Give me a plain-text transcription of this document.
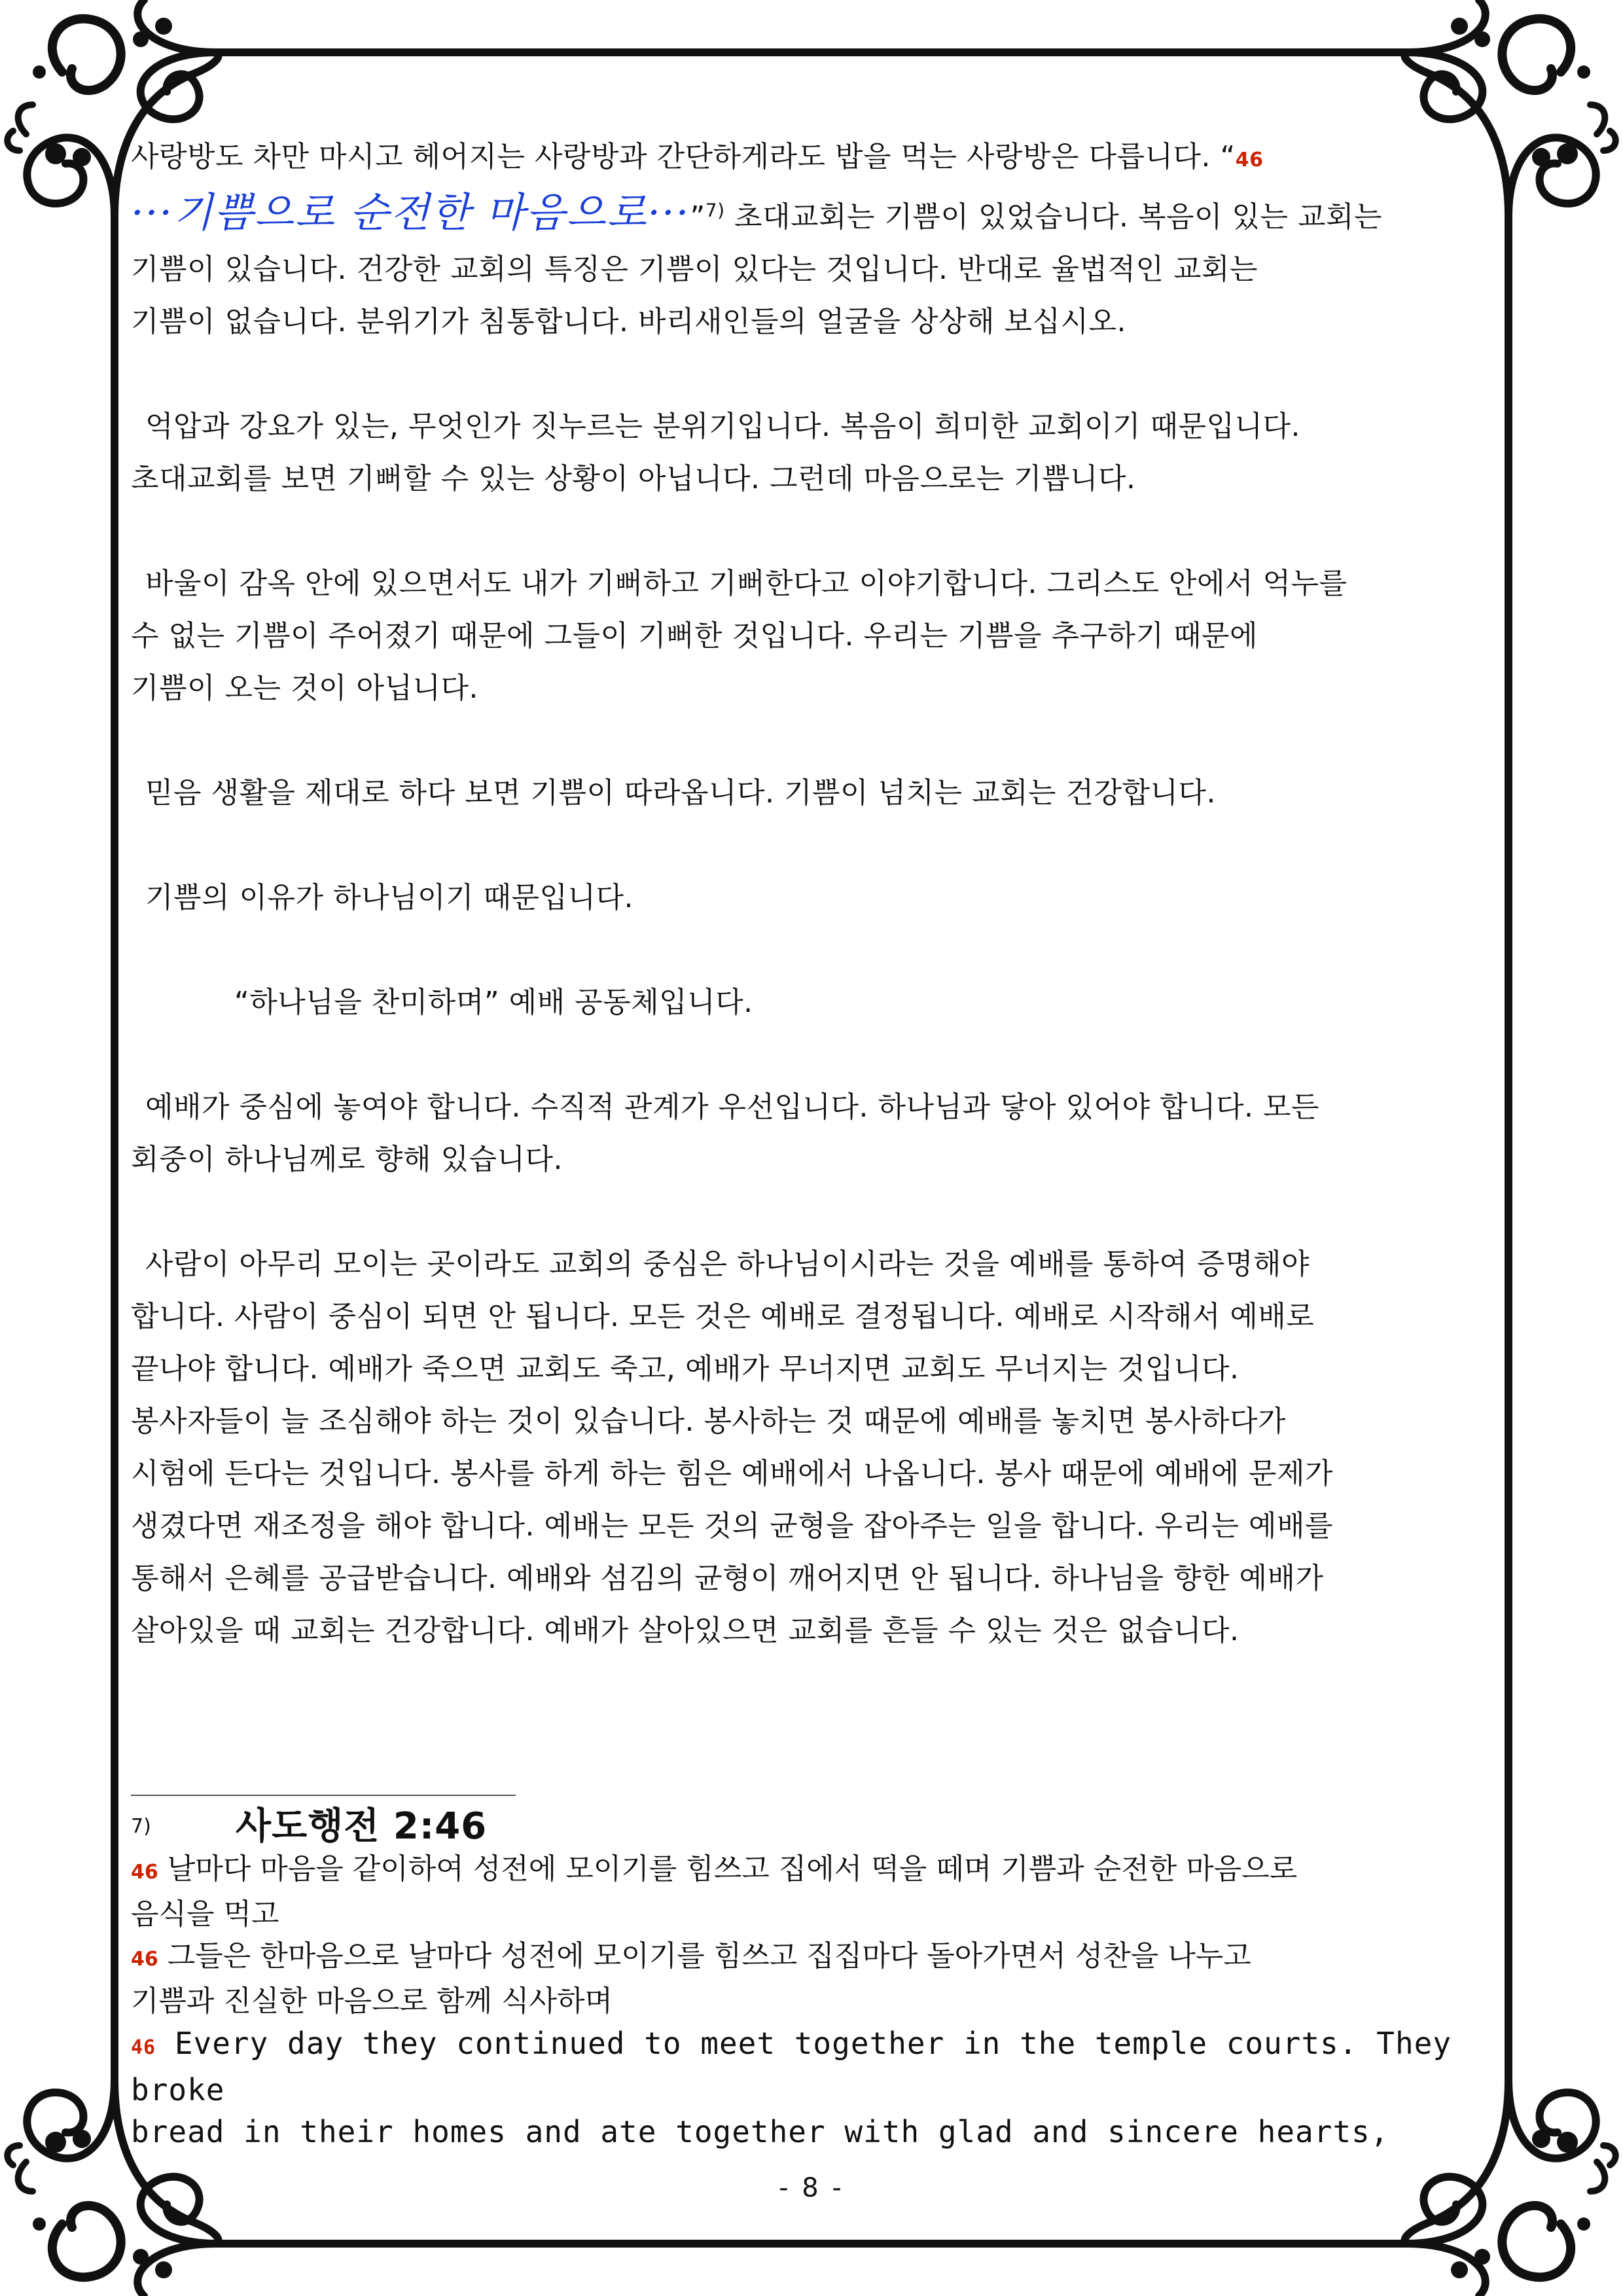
사랑방도 차만 마시고 헤어지는 사랑방과 간단하게라도 밥을 먹는 사랑방은 다릅니다. “46
···기쁨으로 순전한 마음으로···”$^{7)}$ 초대교회는 기쁨이 있었습니다. 복음이 있는 교회는
기쁨이 있습니다. 건강한 교회의 특징은 기쁨이 있다는 것입니다. 반대로 율법적인 교회는
기쁨이 없습니다. 분위기가 침통합니다. 바리새인들의 얼굴을 상상해 보십시오.
억압과 강요가 있는, 무엇인가 짓누르는 분위기입니다. 복음이 희미한 교회이기 때문입니다.
초대교회를 보면 기뻐할 수 있는 상황이 아닙니다. 그런데 마음으로는 기쁩니다.
바울이 감옥 안에 있으면서도 내가 기뻐하고 기뻐한다고 이야기합니다. 그리스도 안에서 억누를
수 없는 기쁨이 주어졌기 때문에 그들이 기뻐한 것입니다. 우리는 기쁨을 추구하기 때문에
기쁨이 오는 것이 아닙니다.
믿음 생활을 제대로 하다 보면 기쁨이 따라옵니다. 기쁨이 넘치는 교회는 건강합니다.
기쁨의 이유가 하나님이기 때문입니다.
“하나님을 찬미하며” 예배 공동체입니다.
예배가 중심에 놓여야 합니다. 수직적 관계가 우선입니다. 하나님과 닿아 있어야 합니다. 모든
회중이 하나님께로 향해 있습니다.
사람이 아무리 모이는 곳이라도 교회의 중심은 하나님이시라는 것을 예배를 통하여 증명해야
합니다. 사람이 중심이 되면 안 됩니다. 모든 것은 예배로 결정됩니다. 예배로 시작해서 예배로
끝나야 합니다. 예배가 죽으면 교회도 죽고, 예배가 무너지면 교회도 무너지는 것입니다.
봉사자들이 늘 조심해야 하는 것이 있습니다. 봉사하는 것 때문에 예배를 놓치면 봉사하다가
시험에 든다는 것입니다. 봉사를 하게 하는 힘은 예배에서 나옵니다. 봉사 때문에 예배에 문제가
생겼다면 재조정을 해야 합니다. 예배는 모든 것의 균형을 잡아주는 일을 합니다. 우리는 예배를
통해서 은혜를 공급받습니다. 예배와 섬김의 균형이 깨어지면 안 됩니다. 하나님을 향한 예배가
살아있을 때 교회는 건강합니다. 예배가 살아있으면 교회를 흔들 수 있는 것은 없습니다.
7) 사도행전 2:46
46 날마다 마음을 같이하여 성전에 모이기를 힘쓰고 집에서 떡을 떼며 기쁨과 순전한 마음으로
음식을 먹고
46 그들은 한마음으로 날마다 성전에 모이기를 힘쓰고 집집마다 돌아가면서 성찬을 나누고
기쁨과 진실한 마음으로 함께 식사하며
46 Every day they continued to meet together in the temple courts. They broke
bread in their homes and ate together with glad and sincere hearts,
- 8 -
